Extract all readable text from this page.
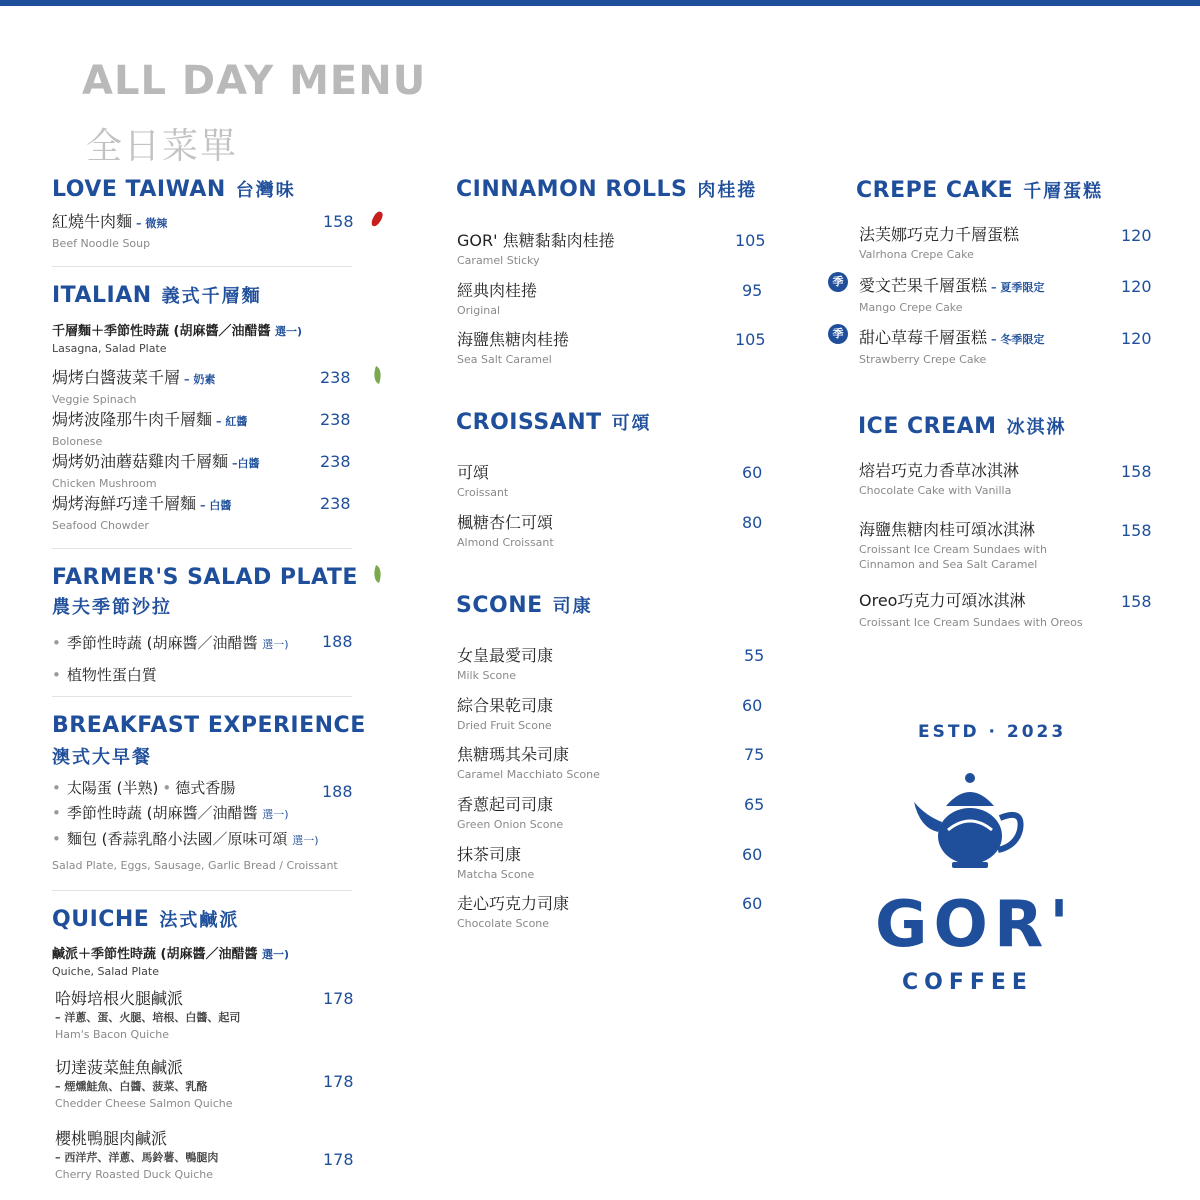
ALL DAY MENU
全日菜單
LOVE TAIWAN 台灣味
紅燒牛肉麵 – 微辣
Beef Noodle Soup
158
ITALIAN 義式千層麵
千層麵＋季節性時蔬 (胡麻醬／油醋醬 選一)
Lasagna, Salad Plate
焗烤白醬菠菜千層 – 奶素
Veggie Spinach
238
焗烤波隆那牛肉千層麵 – 紅醬
Bolonese
238
焗烤奶油蘑菇雞肉千層麵 –白醬
Chicken Mushroom
238
焗烤海鮮巧達千層麵 – 白醬
Seafood Chowder
238
FARMER'S SALAD PLATE
農夫季節沙拉
• 季節性時蔬 (胡麻醬／油醋醬 選一)
• 植物性蛋白質
188
BREAKFAST EXPERIENCE
澳式大早餐
• 太陽蛋 (半熟) • 德式香腸
• 季節性時蔬 (胡麻醬／油醋醬 選一)
• 麵包 (香蒜乳酪小法國／原味可頌 選一)
Salad Plate, Eggs, Sausage, Garlic Bread / Croissant
188
QUICHE 法式鹹派
鹹派＋季節性時蔬 (胡麻醬／油醋醬 選一)
Quiche, Salad Plate
哈姆培根火腿鹹派
– 洋蔥、蛋、火腿、培根、白醬、起司
Ham's Bacon Quiche
178
切達菠菜鮭魚鹹派
– 煙燻鮭魚、白醬、菠菜、乳酪
Chedder Cheese Salmon Quiche
178
櫻桃鴨腿肉鹹派
– 西洋芹、洋蔥、馬鈴薯、鴨腿肉
Cherry Roasted Duck Quiche
178
CINNAMON ROLLS 肉桂捲
GOR' 焦糖黏黏肉桂捲
Caramel Sticky
105
經典肉桂捲
Original
95
海鹽焦糖肉桂捲
Sea Salt Caramel
105
CROISSANT 可頌
可頌
Croissant
60
楓糖杏仁可頌
Almond Croissant
80
SCONE 司康
女皇最愛司康
Milk Scone
55
綜合果乾司康
Dried Fruit Scone
60
焦糖瑪其朵司康
Caramel Macchiato Scone
75
香蔥起司司康
Green Onion Scone
65
抹茶司康
Matcha Scone
60
走心巧克力司康
Chocolate Scone
60
CREPE CAKE 千層蛋糕
法芙娜巧克力千層蛋糕
Valrhona Crepe Cake
120
季 愛文芒果千層蛋糕 – 夏季限定
Mango Crepe Cake
120
季 甜心草莓千層蛋糕 – 冬季限定
Strawberry Crepe Cake
120
ICE CREAM 冰淇淋
熔岩巧克力香草冰淇淋
Chocolate Cake with Vanilla
158
海鹽焦糖肉桂可頌冰淇淋
Croissant Ice Cream Sundaes with
Cinnamon and Sea Salt Caramel
158
Oreo巧克力可頌冰淇淋
Croissant Ice Cream Sundaes with Oreos
158
ESTD · 2023
GOR'
COFFEE
